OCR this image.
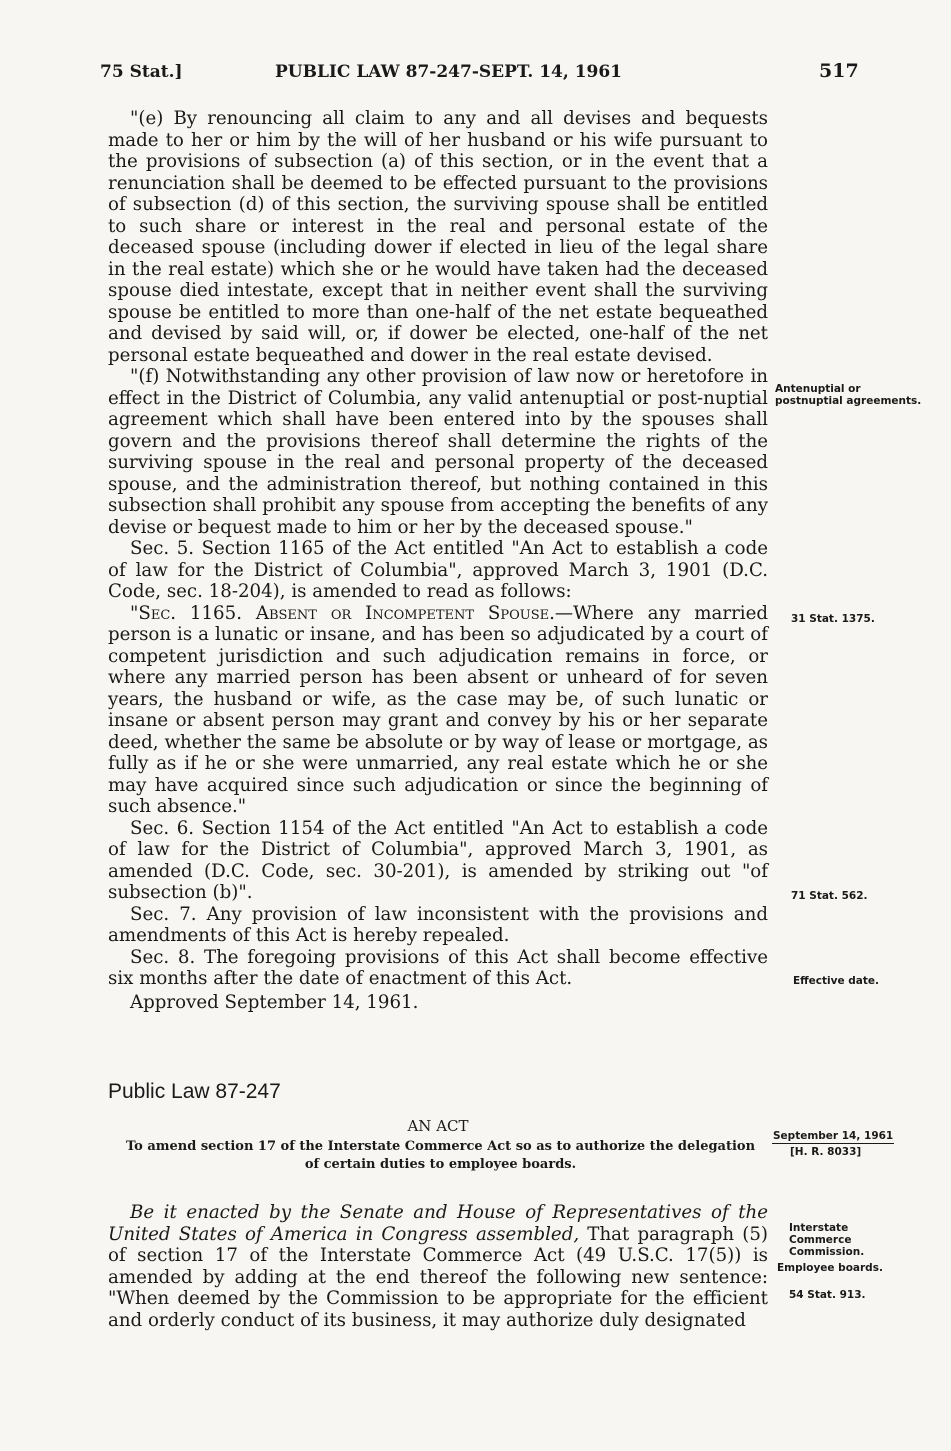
75 Stat.]	PUBLIC LAW 87-247-SEPT. 14, 1961	517

"(e) By renouncing all claim to any and all devises and bequests made to her or him by the will of her husband or his wife pursuant to the provisions of subsection (a) of this section, or in the event that a renunciation shall be deemed to be effected pursuant to the provisions of subsection (d) of this section, the surviving spouse shall be entitled to such share or interest in the real and personal estate of the deceased spouse (including dower if elected in lieu of the legal share in the real estate) which she or he would have taken had the deceased spouse died intestate, except that in neither event shall the surviving spouse be entitled to more than one-half of the net estate bequeathed and devised by said will, or, if dower be elected, one-half of the net personal estate bequeathed and dower in the real estate devised.

"(f) Notwithstanding any other provision of law now or heretofore in effect in the District of Columbia, any valid antenuptial or post-nuptial agreement which shall have been entered into by the spouses shall govern and the provisions thereof shall determine the rights of the surviving spouse in the real and personal property of the deceased spouse, and the administration thereof, but nothing contained in this subsection shall prohibit any spouse from accepting the benefits of any devise or bequest made to him or her by the deceased spouse."

Sec. 5. Section 1165 of the Act entitled "An Act to establish a code of law for the District of Columbia", approved March 3, 1901 (D.C. Code, sec. 18-204), is amended to read as follows:

"Sec. 1165. Absent or Incompetent Spouse.—Where any married person is a lunatic or insane, and has been so adjudicated by a court of competent jurisdiction and such adjudication remains in force, or where any married person has been absent or unheard of for seven years, the husband or wife, as the case may be, of such lunatic or insane or absent person may grant and convey by his or her separate deed, whether the same be absolute or by way of lease or mortgage, as fully as if he or she were unmarried, any real estate which he or she may have acquired since such adjudication or since the beginning of such absence."

Sec. 6. Section 1154 of the Act entitled "An Act to establish a code of law for the District of Columbia", approved March 3, 1901, as amended (D.C. Code, sec. 30-201), is amended by striking out "of subsection (b)".

Sec. 7. Any provision of law inconsistent with the provisions and amendments of this Act is hereby repealed.

Sec. 8. The foregoing provisions of this Act shall become effective six months after the date of enactment of this Act.

Approved September 14, 1961.

Public Law 87-247
AN ACT
To amend section 17 of the Interstate Commerce Act so as to authorize the delegation of certain duties to employee boards.

Be it enacted by the Senate and House of Representatives of the United States of America in Congress assembled, That paragraph (5) of section 17 of the Interstate Commerce Act (49 U.S.C. 17(5)) is amended by adding at the end thereof the following new sentence: "When deemed by the Commission to be appropriate for the efficient and orderly conduct of its business, it may authorize duly designated

Antenuptial or postnuptial agreements.
31 Stat. 1375.
71 Stat. 562.
Effective date.
September 14, 1961
[H. R. 8033]
Interstate Commerce Commission.
Employee boards.
54 Stat. 913.
